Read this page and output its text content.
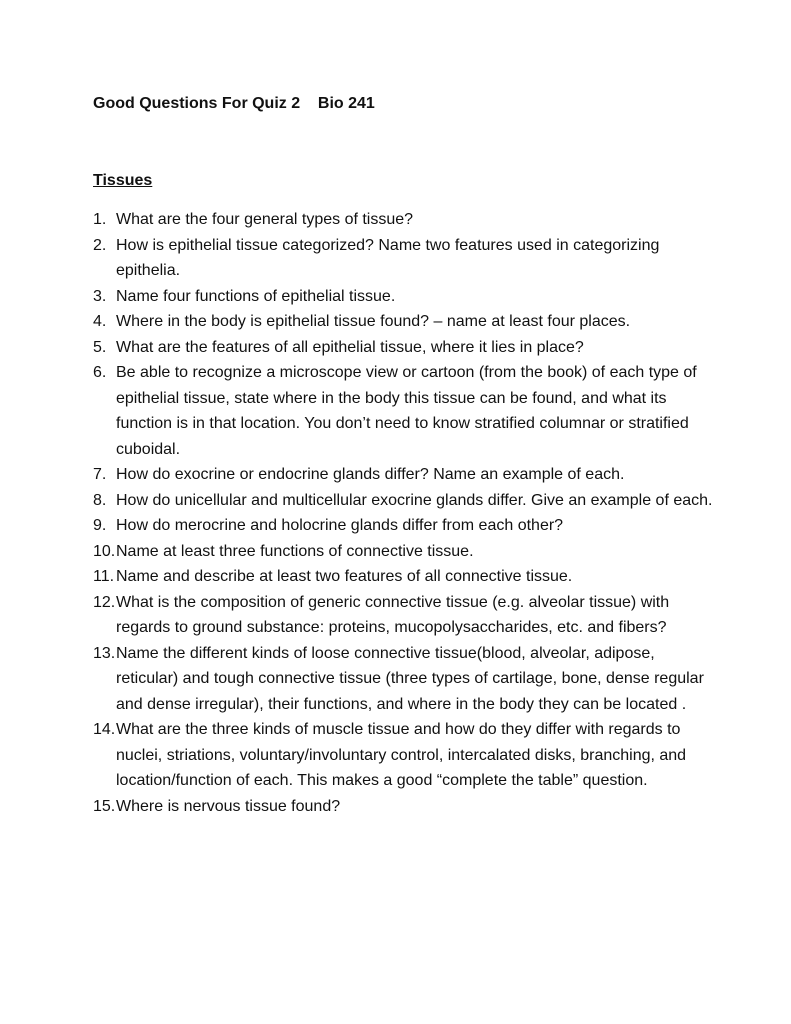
Good Questions For Quiz 2    Bio 241
Tissues
1. What are the four general types of tissue?
2. How is epithelial tissue categorized? Name two features used in categorizing epithelia.
3. Name four functions of epithelial tissue.
4. Where in the body is epithelial tissue found? – name at least four places.
5. What are the features of all epithelial tissue, where it lies in place?
6. Be able to recognize a microscope view or cartoon (from the book) of each type of epithelial tissue, state where in the body this tissue can be found, and what its function is in that location. You don’t need to know stratified columnar or stratified cuboidal.
7. How do exocrine or endocrine glands differ? Name an example of each.
8. How do unicellular and multicellular exocrine glands differ. Give an example of each.
9. How do merocrine and holocrine glands differ from each other?
10. Name at least three functions of connective tissue.
11. Name and describe at least two features of all connective tissue.
12. What is the composition of generic connective tissue (e.g. alveolar tissue) with regards to ground substance: proteins, mucopolysaccharides, etc. and fibers?
13. Name the different kinds of loose connective tissue(blood, alveolar, adipose, reticular) and tough connective tissue (three types of cartilage, bone, dense regular and dense irregular), their functions, and where in the body they can be located .
14. What are the three kinds of muscle tissue and how do they differ with regards to nuclei, striations, voluntary/involuntary control, intercalated disks, branching, and location/function of each. This makes a good “complete the table” question.
15. Where is nervous tissue found?
